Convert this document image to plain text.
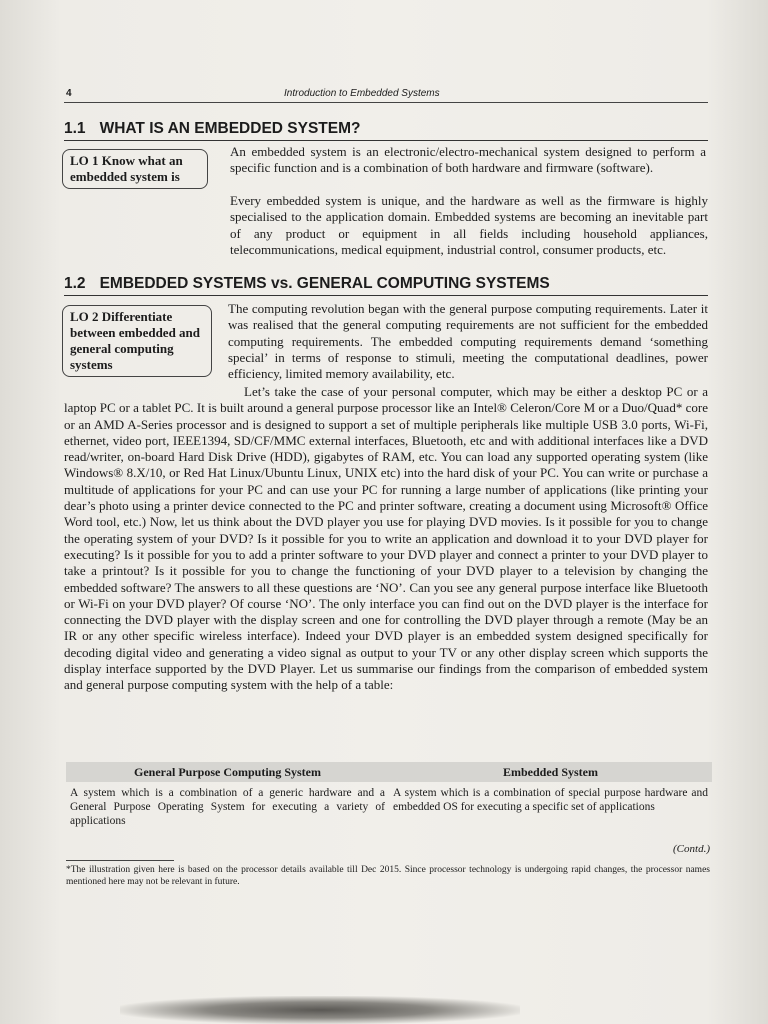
4	Introduction to Embedded Systems
1.1 WHAT IS AN EMBEDDED SYSTEM?
LO 1 Know what an embedded system is

An embedded system is an electronic/electro-mechanical system designed to perform a specific function and is a combination of both hardware and firmware (software).

Every embedded system is unique, and the hardware as well as the firmware is highly specialised to the application domain. Embedded systems are becoming an inevitable part of any product or equipment in all fields including household appliances, telecommunications, medical equipment, industrial control, consumer products, etc.

1.2 EMBEDDED SYSTEMS vs. GENERAL COMPUTING SYSTEMS
LO 2 Differentiate between embedded and general computing systems

The computing revolution began with the general purpose computing requirements. Later it was realised that the general computing requirements are not sufficient for the embedded computing requirements. The embedded computing requirements demand ‘something special’ in terms of response to stimuli, meeting the computational deadlines, power efficiency, limited memory availability, etc.

Let’s take the case of your personal computer, which may be either a desktop PC or a laptop PC or a tablet PC. It is built around a general purpose processor like an Intel® Celeron/Core M or a Duo/Quad* core or an AMD A-Series processor and is designed to support a set of multiple peripherals like multiple USB 3.0 ports, Wi-Fi, ethernet, video port, IEEE1394, SD/CF/MMC external interfaces, Bluetooth, etc and with additional interfaces like a DVD read/writer, on-board Hard Disk Drive (HDD), gigabytes of RAM, etc. You can load any supported operating system (like Windows® 8.X/10, or Red Hat Linux/Ubuntu Linux, UNIX etc) into the hard disk of your PC. You can write or purchase a multitude of applications for your PC and can use your PC for running a large number of applications (like printing your dear’s photo using a printer device connected to the PC and printer software, creating a document using Microsoft® Office Word tool, etc.) Now, let us think about the DVD player you use for playing DVD movies. Is it possible for you to change the operating system of your DVD? Is it possible for you to write an application and download it to your DVD player for executing? Is it possible for you to add a printer software to your DVD player and connect a printer to your DVD player to take a printout? Is it possible for you to change the functioning of your DVD player to a television by changing the embedded software? The answers to all these questions are ‘NO’. Can you see any general purpose interface like Bluetooth or Wi-Fi on your DVD player? Of course ‘NO’. The only interface you can find out on the DVD player is the interface for connecting the DVD player with the display screen and one for controlling the DVD player through a remote (May be an IR or any other specific wireless interface). Indeed your DVD player is an embedded system designed specifically for decoding digital video and generating a video signal as output to your TV or any other display screen which supports the display interface supported by the DVD Player. Let us summarise our findings from the comparison of embedded system and general purpose computing system with the help of a table:

General Purpose Computing System	Embedded System
A system which is a combination of a generic hardware and a General Purpose Operating System for executing a variety of applications	A system which is a combination of special purpose hardware and embedded OS for executing a specific set of applications
(Contd.)
*The illustration given here is based on the processor details available till Dec 2015. Since processor technology is undergoing rapid changes, the processor names mentioned here may not be relevant in future.
